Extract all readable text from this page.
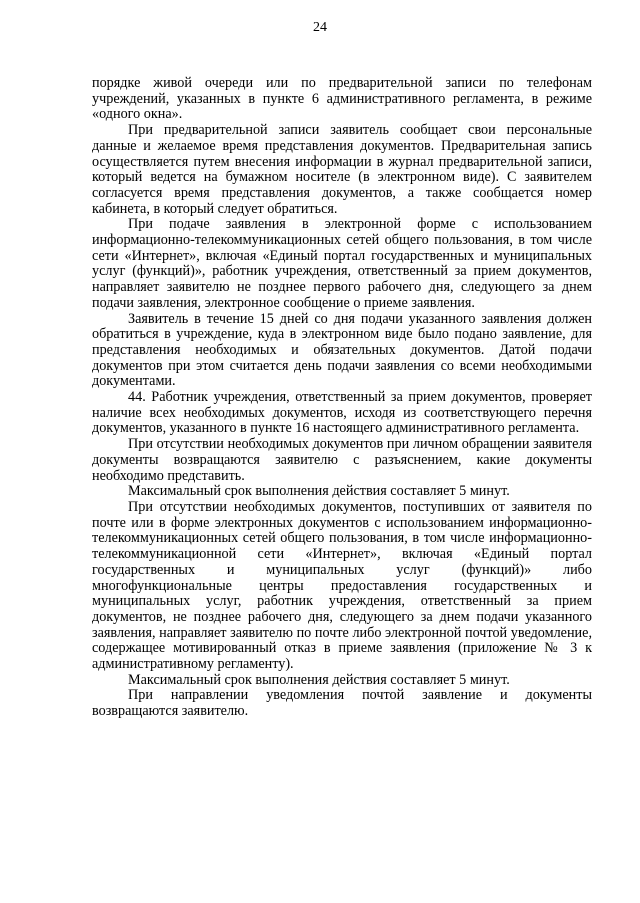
24

порядке живой очереди или по предварительной записи по телефонам учреждений, указанных в пункте 6 административного регламента, в режиме «одного окна».

При предварительной записи заявитель сообщает свои персональные данные и желаемое время представления документов. Предварительная запись осуществляется путем внесения информации в журнал предварительной записи, который ведется на бумажном носителе (в электронном виде). С заявителем согласуется время представления документов, а также сообщается номер кабинета, в который следует обратиться.

При подаче заявления в электронной форме с использованием информационно-телекоммуникационных сетей общего пользования, в том числе сети «Интернет», включая «Единый портал государственных и муниципальных услуг (функций)», работник учреждения, ответственный за прием документов, направляет заявителю не позднее первого рабочего дня, следующего за днем подачи заявления, электронное сообщение о приеме заявления.

Заявитель в течение 15 дней со дня подачи указанного заявления должен обратиться в учреждение, куда в электронном виде было подано заявление, для представления необходимых и обязательных документов. Датой подачи документов при этом считается день подачи заявления со всеми необходимыми документами.

44. Работник учреждения, ответственный за прием документов, проверяет наличие всех необходимых документов, исходя из соответствующего перечня документов, указанного в пункте 16 настоящего административного регламента.

При отсутствии необходимых документов при личном обращении заявителя документы возвращаются заявителю с разъяснением, какие документы необходимо представить.

Максимальный срок выполнения действия составляет 5 минут.

При отсутствии необходимых документов, поступивших от заявителя по почте или в форме электронных документов с использованием информационно-телекоммуникационных сетей общего пользования, в том числе информационно-телекоммуникационной сети «Интернет», включая «Единый портал государственных и муниципальных услуг (функций)» либо многофункциональные центры предоставления государственных и муниципальных услуг, работник учреждения, ответственный за прием документов, не позднее рабочего дня, следующего за днем подачи указанного заявления, направляет заявителю по почте либо электронной почтой уведомление, содержащее мотивированный отказ в приеме заявления (приложение № 3 к административному регламенту).

Максимальный срок выполнения действия составляет 5 минут.

При направлении уведомления почтой заявление и документы возвращаются заявителю.
